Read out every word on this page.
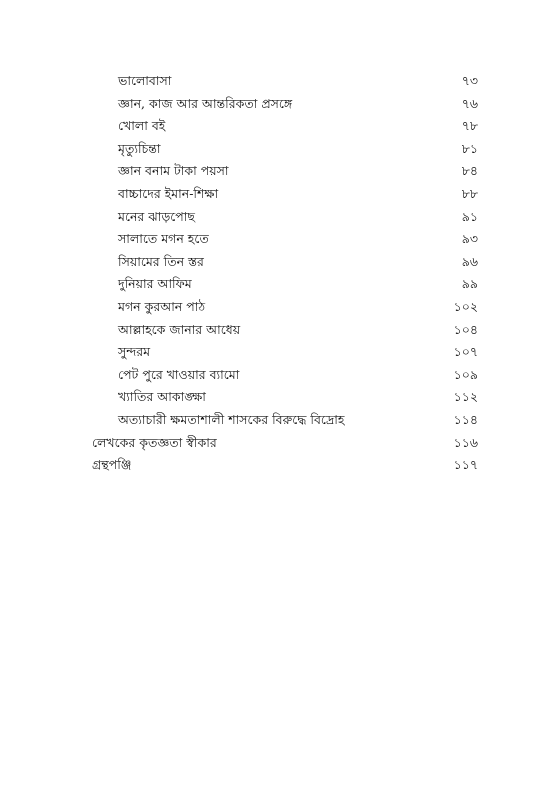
ভালোবাসা	৭৩
জ্ঞান, কাজ আর আন্তরিকতা প্রসঙ্গে	৭৬
খোলা বই	৭৮
মৃত্যুচিন্তা	৮১
জ্ঞান বনাম টাকা পয়সা	৮৪
বাচ্চাদের ইমান-শিক্ষা	৮৮
মনের ঝাড়পোছ	৯১
সালাতে মগন হতে	৯৩
সিয়ামের তিন স্তর	৯৬
দুনিয়ার আফিম	৯৯
মগন কুরআন পাঠ	১০২
আল্লাহকে জানার আধেয়	১০৪
সুন্দরম	১০৭
পেট পুরে খাওয়ার ব্যামো	১০৯
খ্যাতির আকাঙ্ক্ষা	১১২
অত্যাচারী ক্ষমতাশালী শাসকের বিরুদ্ধে বিদ্রোহ	১১৪
লেখকের কৃতজ্ঞতা স্বীকার	১১৬
গ্রন্থপঞ্জি	১১৭
